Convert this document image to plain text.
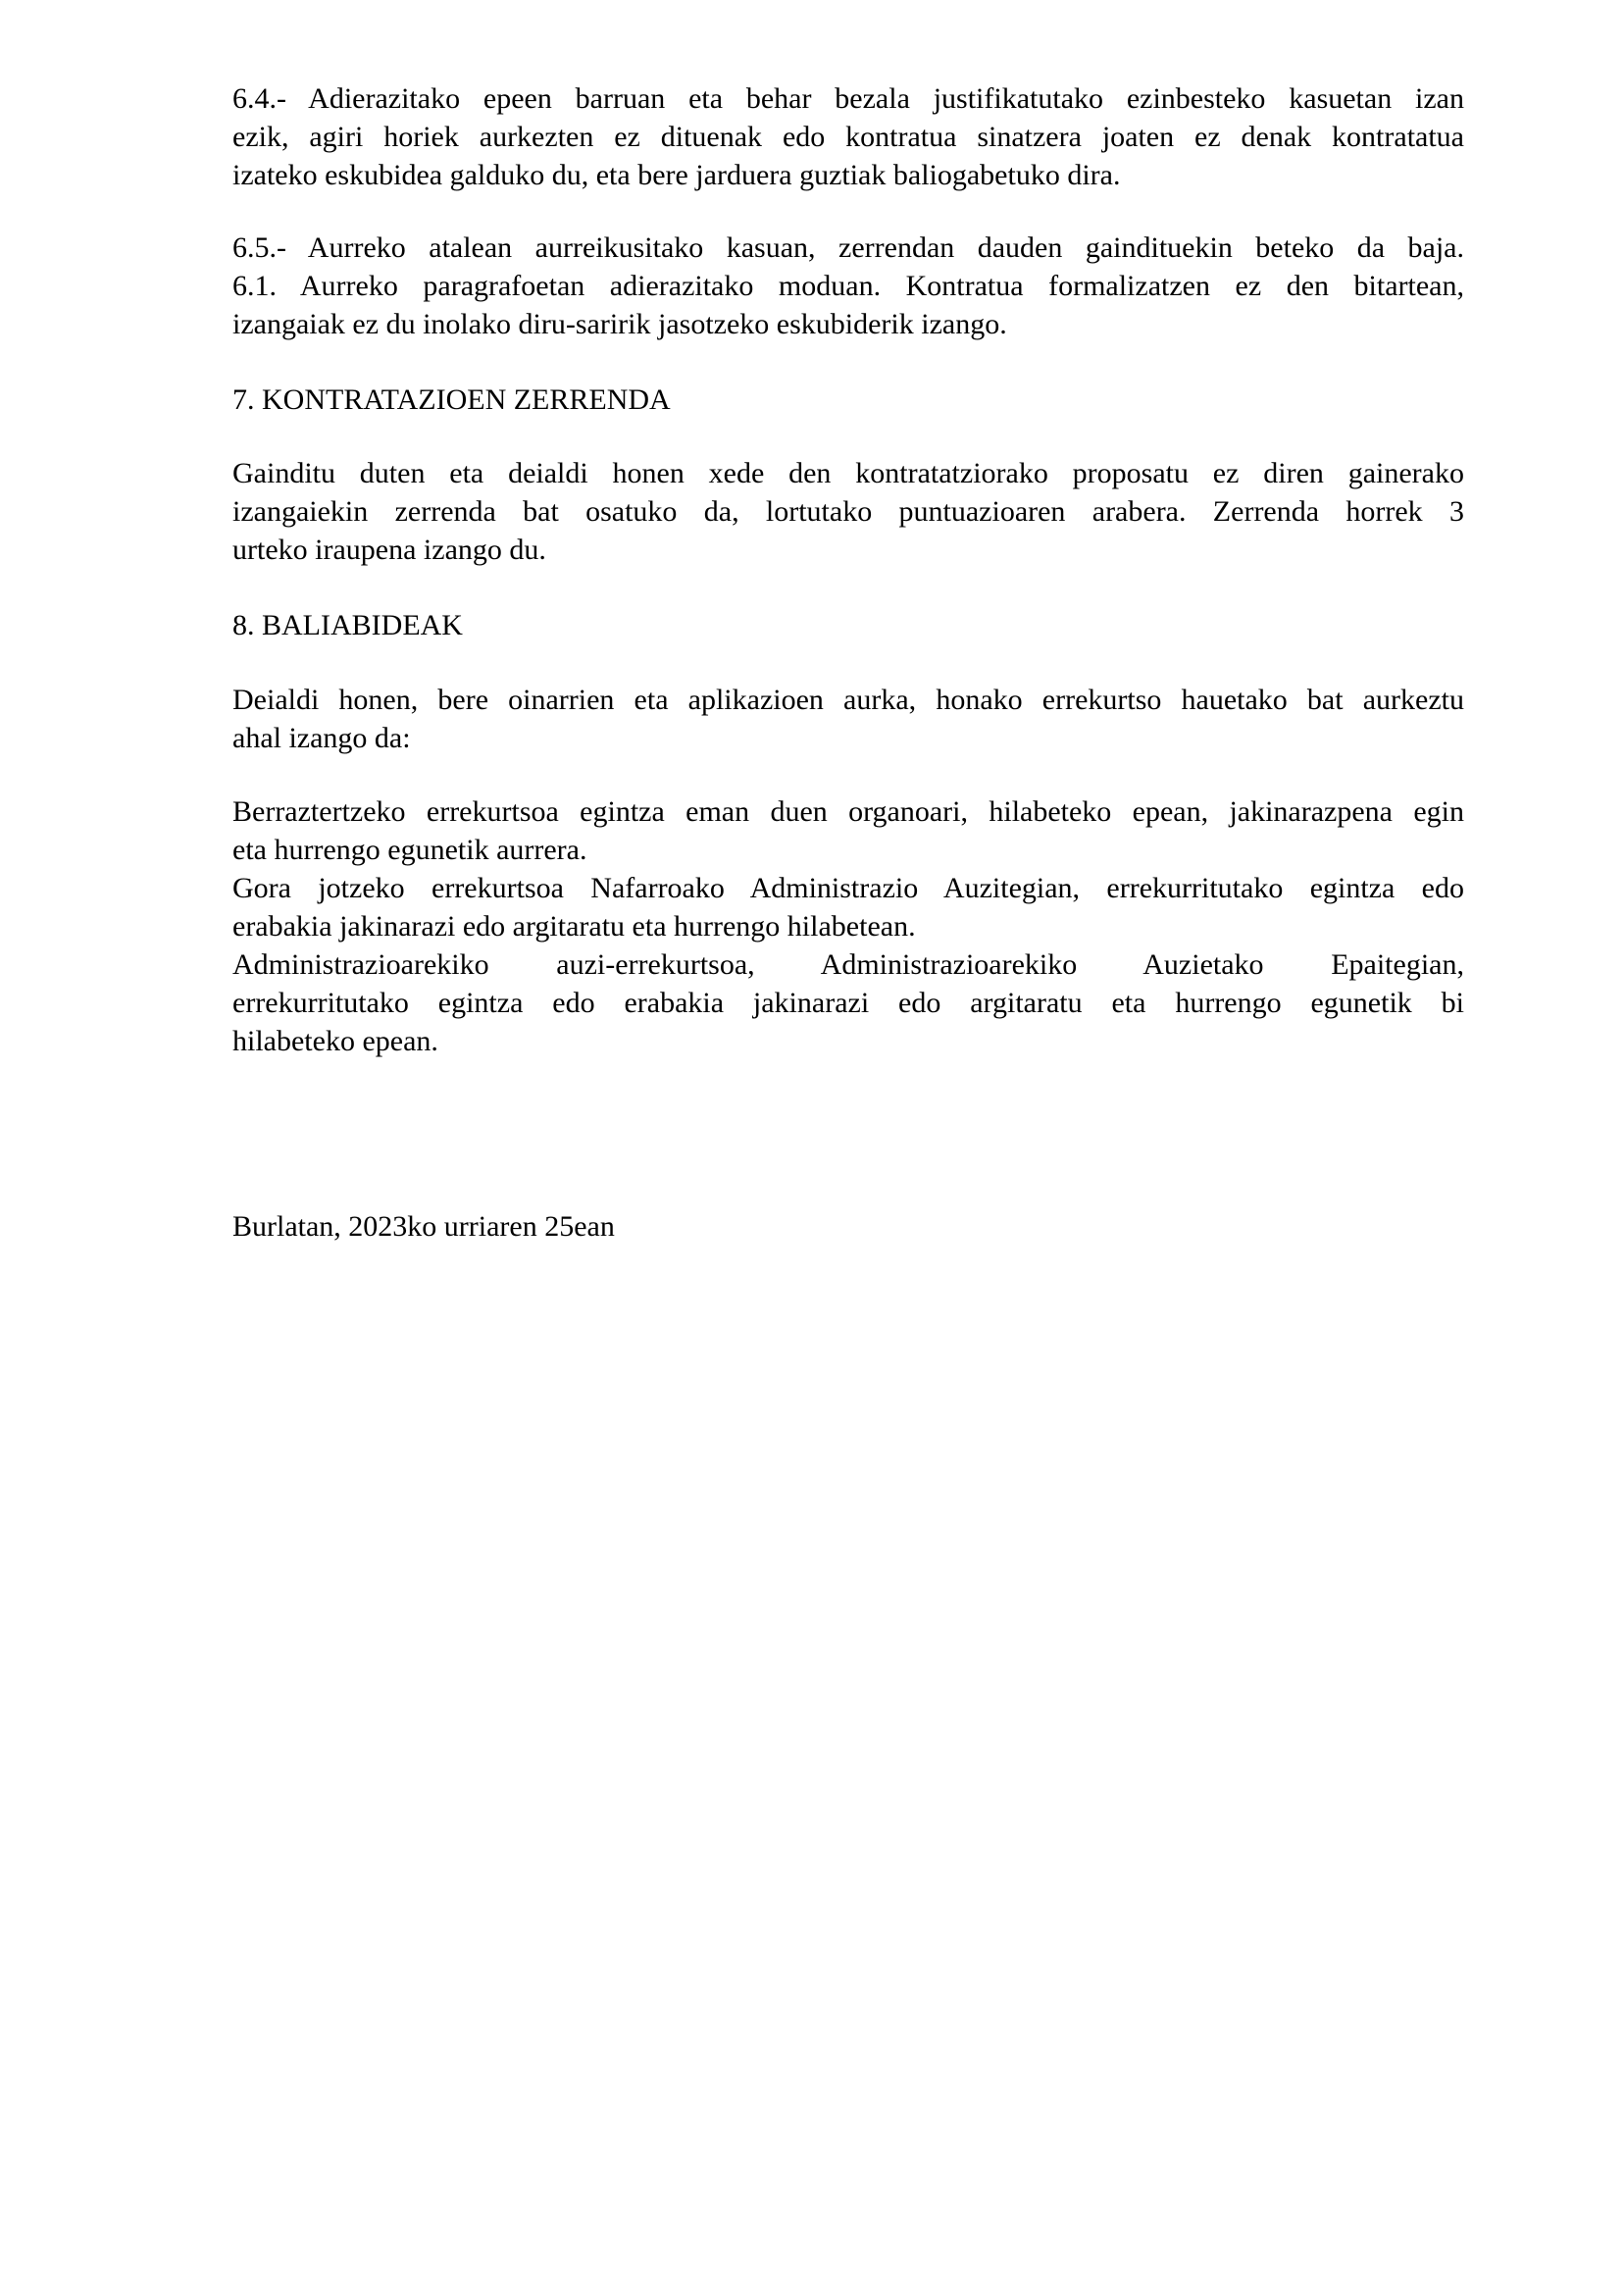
6.4.- Adierazitako epeen barruan eta behar bezala justifikatutako ezinbesteko kasuetan izan
ezik, agiri horiek aurkezten ez dituenak edo kontratua sinatzera joaten ez denak kontratatua
izateko eskubidea galduko du, eta bere jarduera guztiak baliogabetuko dira.
6.5.- Aurreko atalean aurreikusitako kasuan, zerrendan dauden gaindituekin beteko da baja.
6.1. Aurreko paragrafoetan adierazitako moduan. Kontratua formalizatzen ez den bitartean,
izangaiak ez du inolako diru-saririk jasotzeko eskubiderik izango.
7. KONTRATAZIOEN ZERRENDA
Gainditu duten eta deialdi honen xede den kontratatziorako proposatu ez diren gainerako
izangaiekin zerrenda bat osatuko da, lortutako puntuazioaren arabera. Zerrenda horrek 3
urteko iraupena izango du.
8. BALIABIDEAK
Deialdi honen, bere oinarrien eta aplikazioen aurka, honako errekurtso hauetako bat aurkeztu
ahal izango da:
Berraztertzeko errekurtsoa egintza eman duen organoari, hilabeteko epean, jakinarazpena egin
eta hurrengo egunetik aurrera.
Gora jotzeko errekurtsoa Nafarroako Administrazio Auzitegian, errekurritutako egintza edo
erabakia jakinarazi edo argitaratu eta hurrengo hilabetean.
Administrazioarekiko auzi-errekurtsoa, Administrazioarekiko Auzietako Epaitegian,
errekurritutako egintza edo erabakia jakinarazi edo argitaratu eta hurrengo egunetik bi
hilabeteko epean.
Burlatan, 2023ko urriaren 25ean
